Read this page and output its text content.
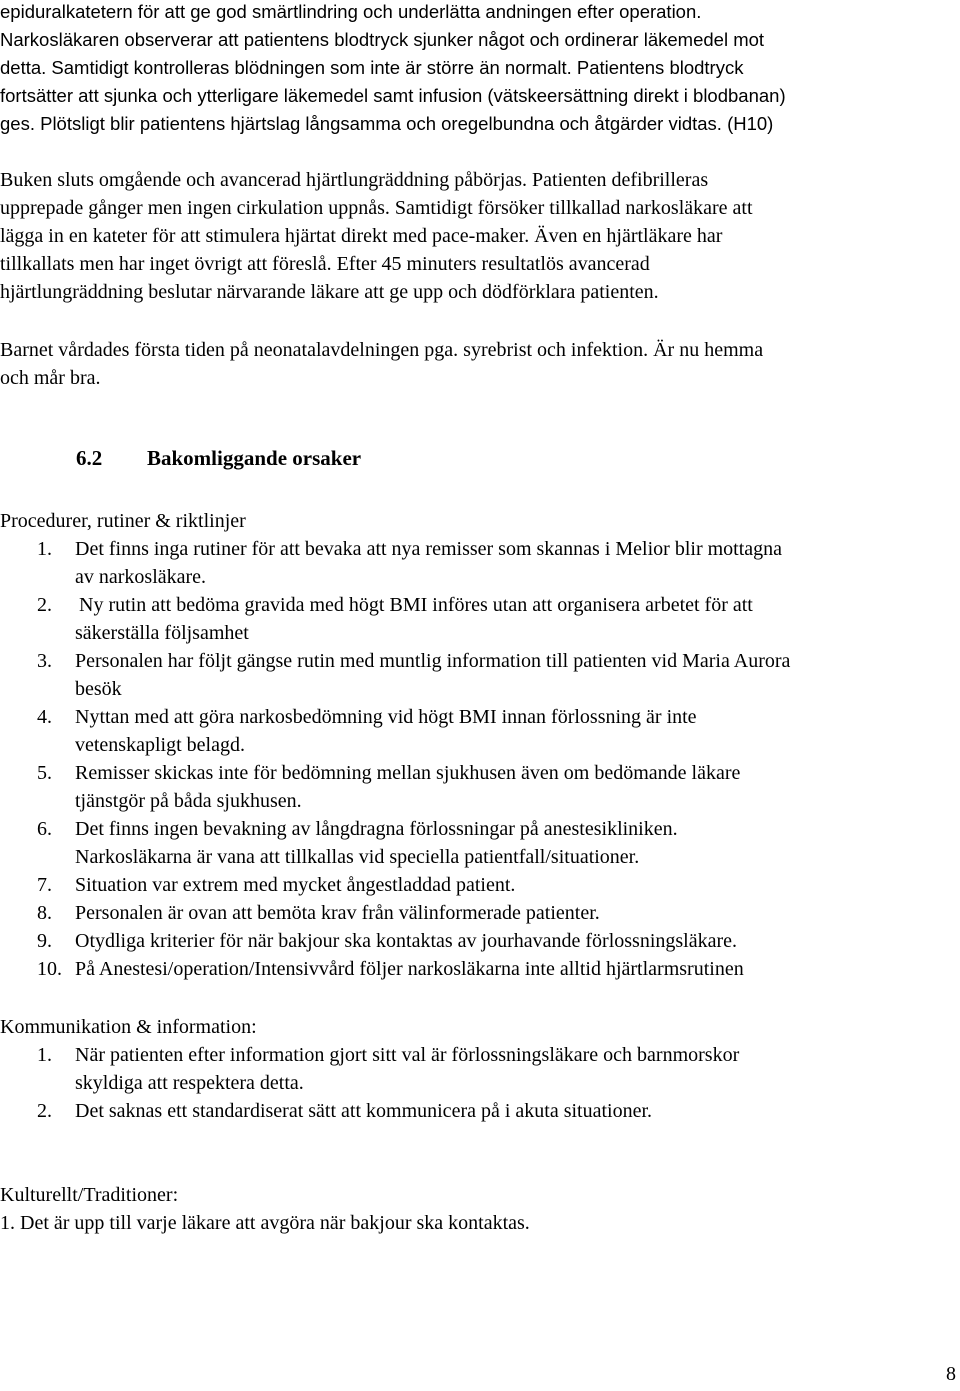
epiduralkatetern för att ge god smärtlindring och underlätta andningen efter operation.
Narkosläkaren observerar att patientens blodtryck sjunker något och ordinerar läkemedel mot
detta. Samtidigt kontrolleras blödningen som inte är större än normalt. Patientens blodtryck
fortsätter att sjunka och ytterligare läkemedel samt infusion (vätskeersättning direkt i blodbanan)
ges. Plötsligt blir patientens hjärtslag långsamma och oregelbundna och åtgärder vidtas. (H10)
Buken sluts omgående och avancerad hjärtlungräddning påbörjas. Patienten defibrilleras
upprepade gånger men ingen cirkulation uppnås. Samtidigt försöker tillkallad narkosläkare att
lägga in en kateter för att stimulera hjärtat direkt med pace-maker. Även en hjärtläkare har
tillkallats men har inget övrigt att föreslå. Efter 45 minuters resultatlös avancerad
hjärtlungräddning beslutar närvarande läkare att ge upp och dödförklara patienten.
Barnet vårdades första tiden på neonatalavdelningen pga. syrebrist och infektion. Är nu hemma
och mår bra.
6.2 Bakomliggande orsaker
Procedurer, rutiner & riktlinjer
1. Det finns inga rutiner för att bevaka att nya remisser som skannas i Melior blir mottagna
av narkosläkare.
2. Ny rutin att bedöma gravida med högt BMI införes utan att organisera arbetet för att
säkerställa följsamhet
3. Personalen har följt gängse rutin med muntlig information till patienten vid Maria Aurora
besök
4. Nyttan med att göra narkosbedömning vid högt BMI innan förlossning är inte
vetenskapligt belagd.
5. Remisser skickas inte för bedömning mellan sjukhusen även om bedömande läkare
tjänstgör på båda sjukhusen.
6. Det finns ingen bevakning av långdragna förlossningar på anestesikliniken.
Narkosläkarna är vana att tillkallas vid speciella patientfall/situationer.
7. Situation var extrem med mycket ångestladdad patient.
8. Personalen är ovan att bemöta krav från välinformerade patienter.
9. Otydliga kriterier för när bakjour ska kontaktas av jourhavande förlossningsläkare.
10. På Anestesi/operation/Intensivvård följer narkosläkarna inte alltid hjärtlarmsrutinen
Kommunikation & information:
1. När patienten efter information gjort sitt val är förlossningsläkare och barnmorskor
skyldiga att respektera detta.
2. Det saknas ett standardiserat sätt att kommunicera på i akuta situationer.
Kulturellt/Traditioner:
1. Det är upp till varje läkare att avgöra när bakjour ska kontaktas.
8
